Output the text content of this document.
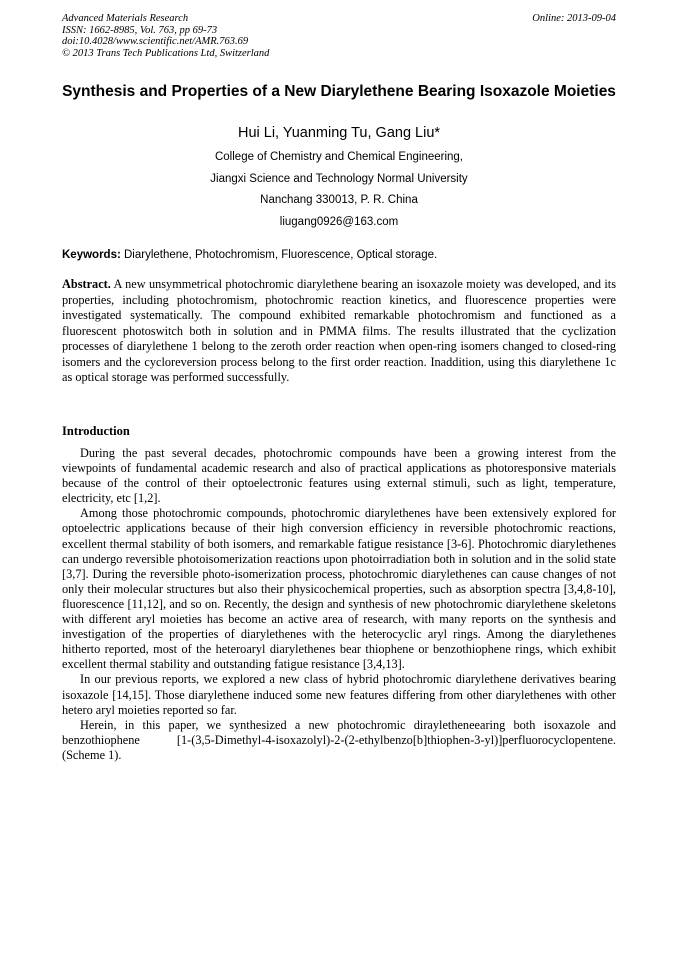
Advanced Materials Research
ISSN: 1662-8985, Vol. 763, pp 69-73
doi:10.4028/www.scientific.net/AMR.763.69
© 2013 Trans Tech Publications Ltd, Switzerland
Online: 2013-09-04
Synthesis and Properties of a New Diarylethene Bearing Isoxazole Moieties
Hui Li, Yuanming Tu, Gang Liu*
College of Chemistry and Chemical Engineering,
Jiangxi Science and Technology Normal University
Nanchang 330013, P. R. China
liugang0926@163.com
Keywords: Diarylethene, Photochromism, Fluorescence, Optical storage.
Abstract. A new unsymmetrical photochromic diarylethene bearing an isoxazole moiety was developed, and its properties, including photochromism, photochromic reaction kinetics, and fluorescence properties were investigated systematically. The compound exhibited remarkable photochromism and functioned as a fluorescent photoswitch both in solution and in PMMA films. The results illustrated that the cyclization processes of diarylethene 1 belong to the zeroth order reaction when open-ring isomers changed to closed-ring isomers and the cycloreversion process belong to the first order reaction. Inaddition, using this diarylethene 1c as optical storage was performed successfully.
Introduction

During the past several decades, photochromic compounds have been a growing interest from the viewpoints of fundamental academic research and also of practical applications as photoresponsive materials because of the control of their optoelectronic features using external stimuli, such as light, temperature, electricity, etc [1,2].

Among those photochromic compounds, photochromic diarylethenes have been extensively explored for optoelectric applications because of their high conversion efficiency in reversible photochromic reactions, excellent thermal stability of both isomers, and remarkable fatigue resistance [3-6]. Photochromic diarylethenes can undergo reversible photoisomerization reactions upon photoirradiation both in solution and in the solid state [3,7]. During the reversible photo-isomerization process, photochromic diarylethenes can cause changes of not only their molecular structures but also their physicochemical properties, such as absorption spectra [3,4,8-10], fluorescence [11,12], and so on. Recently, the design and synthesis of new photochromic diarylethene skeletons with different aryl moieties has become an active area of research, with many reports on the synthesis and investigation of the properties of diarylethenes with the heterocyclic aryl rings. Among the diarylethenes hitherto reported, most of the heteroaryl diarylethenes bear thiophene or benzothiophene rings, which exhibit excellent thermal stability and outstanding fatigue resistance [3,4,13].

In our previous reports, we explored a new class of hybrid photochromic diarylethene derivatives bearing isoxazole [14,15]. Those diarylethene induced some new features differing from other diarylethenes with other hetero aryl moieties reported so far.

Herein, in this paper, we synthesized a new photochromic dirayletheneearing both isoxazole and benzothiophene [1-(3,5-Dimethyl-4-isoxazolyl)-2-(2-ethylbenzo[b]thiophen-3-yl)]perfluorocyclopentene. (Scheme 1).
